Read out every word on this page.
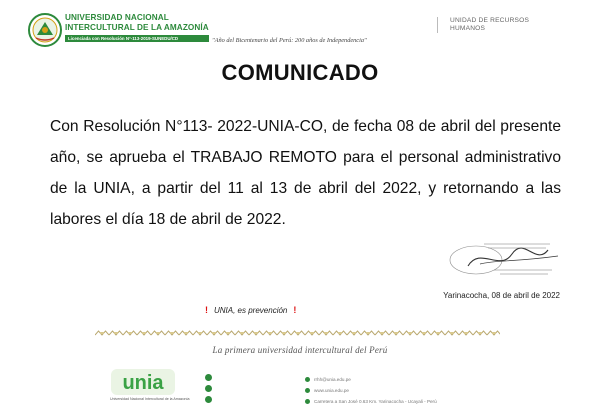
UNIVERSIDAD NACIONAL
INTERCULTURAL DE LA AMAZONÍA
Licenciada con Resolución N°-113-2019-SUNEDU/CD	"Año del Bicentenario del Perú: 200 años de Independencia"
UNIDAD DE RECURSOS
HUMANOS
COMUNICADO
Con Resolución N°113- 2022-UNIA-CO, de fecha 08 de abril del presente año, se aprueba el TRABAJO REMOTO para el personal administrativo de la UNIA, a partir del 11 al 13 de abril del 2022, y retornando a las labores el día 18 de abril de 2022.
Yarinacocha, 08 de abril de 2022
! UNIA, es prevención !
La primera universidad intercultural del Perú
unia
Universidad Nacional Intercultural de la Amazonía
rrhh@unia.edu.pe
www.unia.edu.pe
Carretera a San José 0.63 Km. Yarinacocha - Ucayali - Perú
